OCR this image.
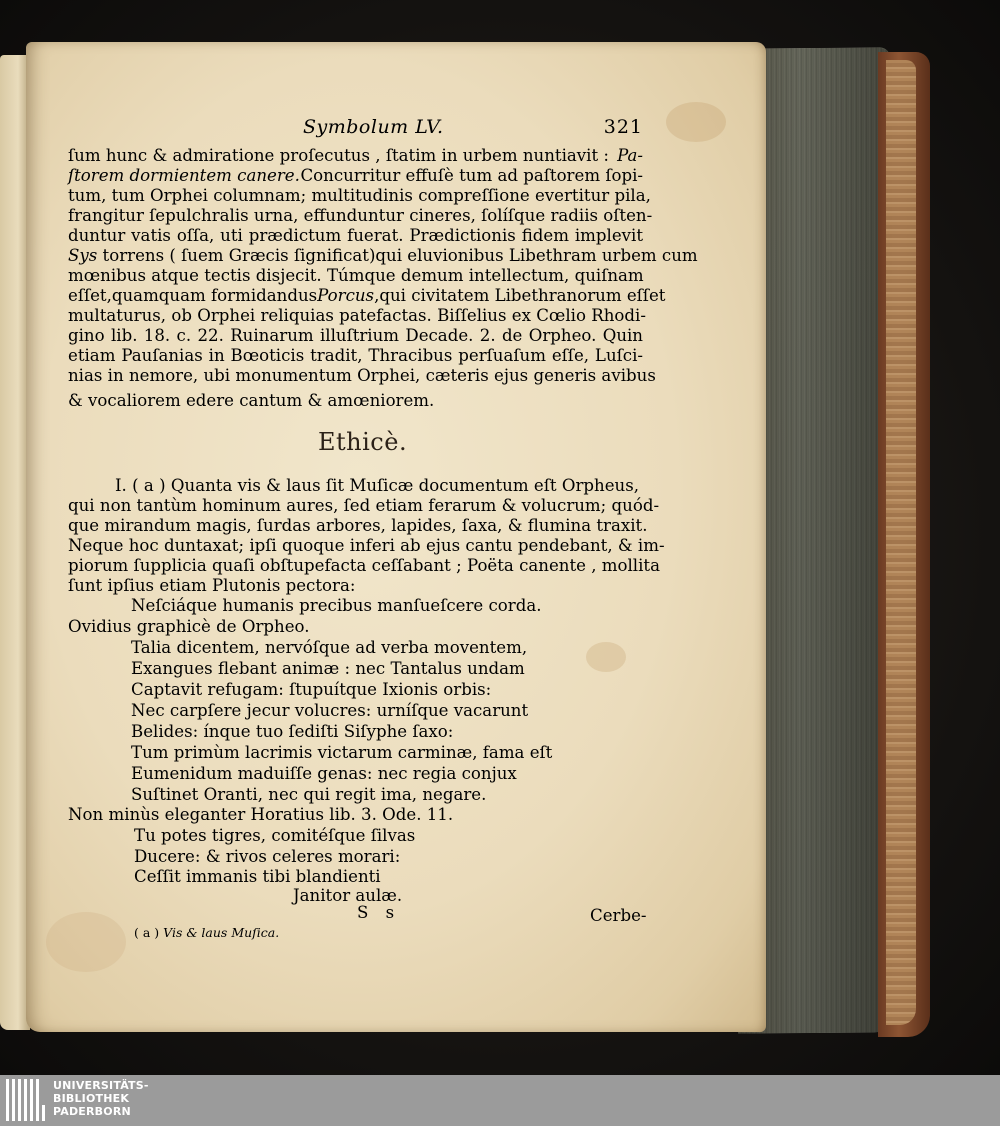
Symbolum LV.	321
ſum hunc & admiratione proſecutus , ſtatim in urbem nuntiavit : Pa-
ſtorem dormientem canere. Concurritur effuſè tum ad paſtorem ſopi-
tum, tum Orphei columnam; multitudinis compreſſione evertitur pila,
frangitur ſepulchralis urna, effunduntur cineres, ſolíſque radiis oſten-
duntur vatis oſſa, uti prædictum fuerat. Prædictionis fidem implevit
Sys torrens ( ſuem Græcis ſignificat)qui eluvionibus Libethram urbem cum
mœnibus atque tectis disjecit. Túmque demum intellectum, quiſnam
eſſet,quamquam formidandusPorcus,qui civitatem Libethranorum eſſet
multaturus, ob Orphei reliquias patefactas. Biſſelius ex Cœlio Rhodi-
gino lib. 18. c. 22. Ruinarum illuſtrium Decade. 2. de Orpheo. Quin
etiam Pauſanias in Bœoticis tradit, Thracibus perſuaſum eſſe, Luſci-
nias in nemore, ubi monumentum Orphei, cæteris ejus generis avibus
& vocaliorem edere cantum & amœniorem.
Ethicè.
I. ( a ) Quanta vis & laus ſit Muſicæ documentum eſt Orpheus,
qui non tantùm hominum aures, ſed etiam ferarum & volucrum; quód-
que mirandum magis, ſurdas arbores, lapides, ſaxa, & flumina traxit.
Neque hoc duntaxat; ipſi quoque inferi ab ejus cantu pendebant, & im-
piorum ſupplicia quaſi obſtupefacta ceſſabant ; Poëta canente , mollita
ſunt ipſius etiam Plutonis pectora:
Neſciáque humanis precibus manſueſcere corda.
Ovidius graphicè de Orpheo.
Talia dicentem, nervóſque ad verba moventem,
Exangues flebant animæ : nec Tantalus undam
Captavit refugam: ſtupuítque Ixionis orbis:
Nec carpſere jecur volucres: urníſque vacarunt
Belides: ínque tuo ſediſti Siſyphe ſaxo:
Tum primùm lacrimis victarum carminæ, fama eſt
Eumenidum maduiſſe genas: nec regia conjux
Suſtinet Oranti, nec qui regit ima, negare.
Non minùs eleganter Horatius lib. 3. Ode. 11.
Tu potes tigres, comitéſque ſilvas
Ducere: & rivos celeres morari:
Ceſſit immanis tibi blandienti
Janitor aulæ.
S s	Cerbe-
( a ) Vis & laus Muſica.
UNIVERSITÄTS-
BIBLIOTHEK
PADERBORN
